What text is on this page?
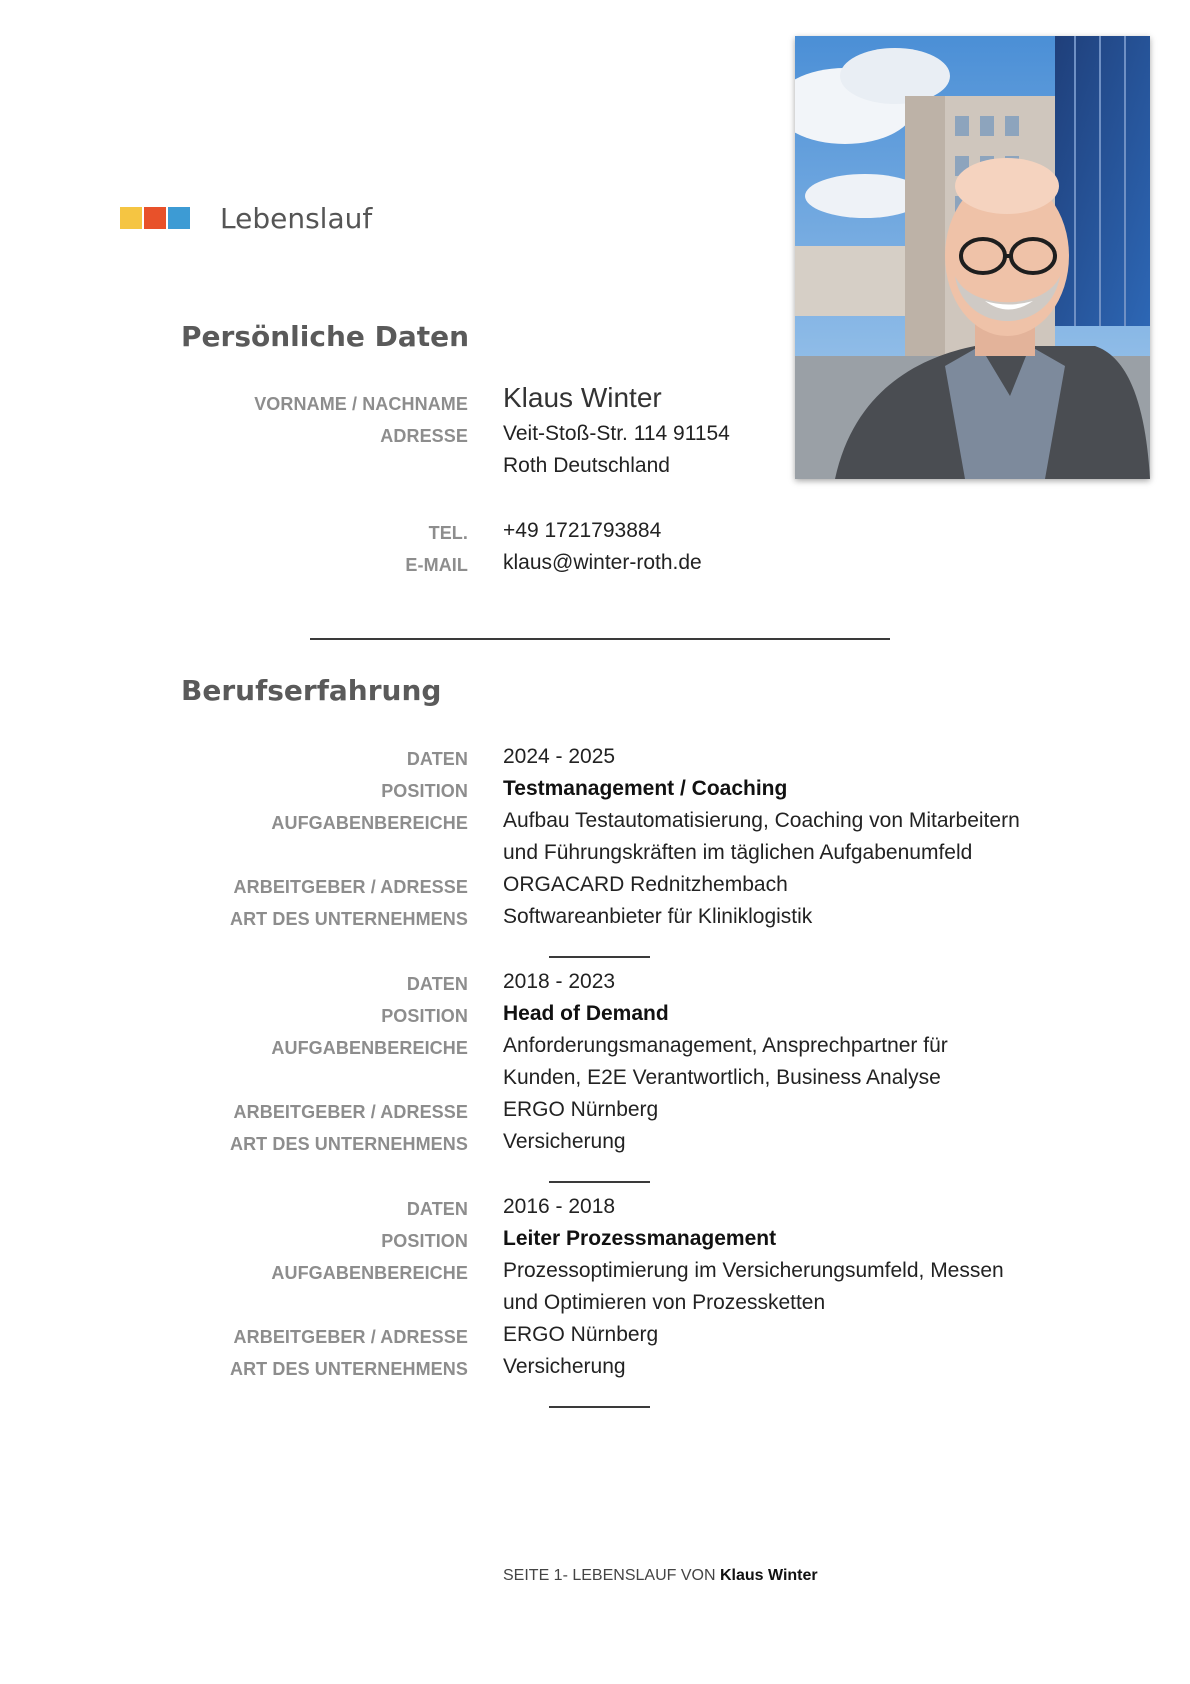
Lebenslauf
Persönliche Daten
VORNAME / NACHNAME Klaus Winter
ADRESSE Veit-Stoß-Str. 114 91154
Roth Deutschland
TEL. +49 1721793884
E-MAIL klaus@winter-roth.de
Berufserfahrung
DATEN 2024 - 2025
POSITION Testmanagement / Coaching
AUFGABENBEREICHE Aufbau Testautomatisierung, Coaching von Mitarbeitern
und Führungskräften im täglichen Aufgabenumfeld
ARBEITGEBER / ADRESSE ORGACARD Rednitzhembach
ART DES UNTERNEHMENS Softwareanbieter für Kliniklogistik
DATEN 2018 - 2023
POSITION Head of Demand
AUFGABENBEREICHE Anforderungsmanagement, Ansprechpartner für
Kunden, E2E Verantwortlich, Business Analyse
ARBEITGEBER / ADRESSE ERGO Nürnberg
ART DES UNTERNEHMENS Versicherung
DATEN 2016 - 2018
POSITION Leiter Prozessmanagement
AUFGABENBEREICHE Prozessoptimierung im Versicherungsumfeld, Messen
und Optimieren von Prozessketten
ARBEITGEBER / ADRESSE ERGO Nürnberg
ART DES UNTERNEHMENS Versicherung
SEITE 1- LEBENSLAUF VON Klaus Winter
